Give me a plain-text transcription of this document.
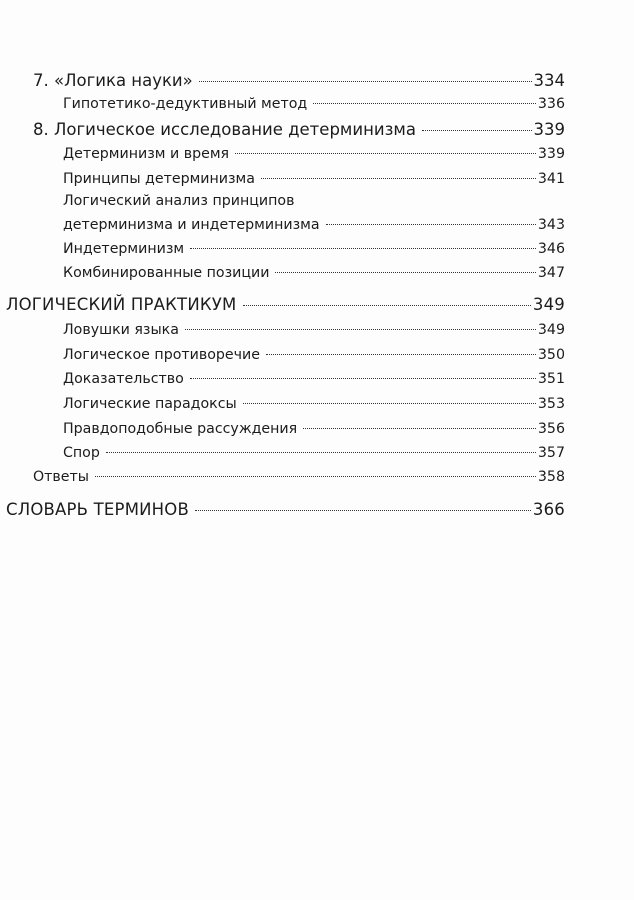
7. «Логика науки»	334
Гипотетико-дедуктивный метод	336
8. Логическое исследование детерминизма	339
Детерминизм и время	339
Принципы детерминизма	341
Логический анализ принципов
детерминизма и индетерминизма	343
Индетерминизм	346
Комбинированные позиции	347
ЛОГИЧЕСКИЙ ПРАКТИКУМ	349
Ловушки языка	349
Логическое противоречие	350
Доказательство	351
Логические парадоксы	353
Правдоподобные рассуждения	356
Спор	357
Ответы	358
СЛОВАРЬ ТЕРМИНОВ	366
